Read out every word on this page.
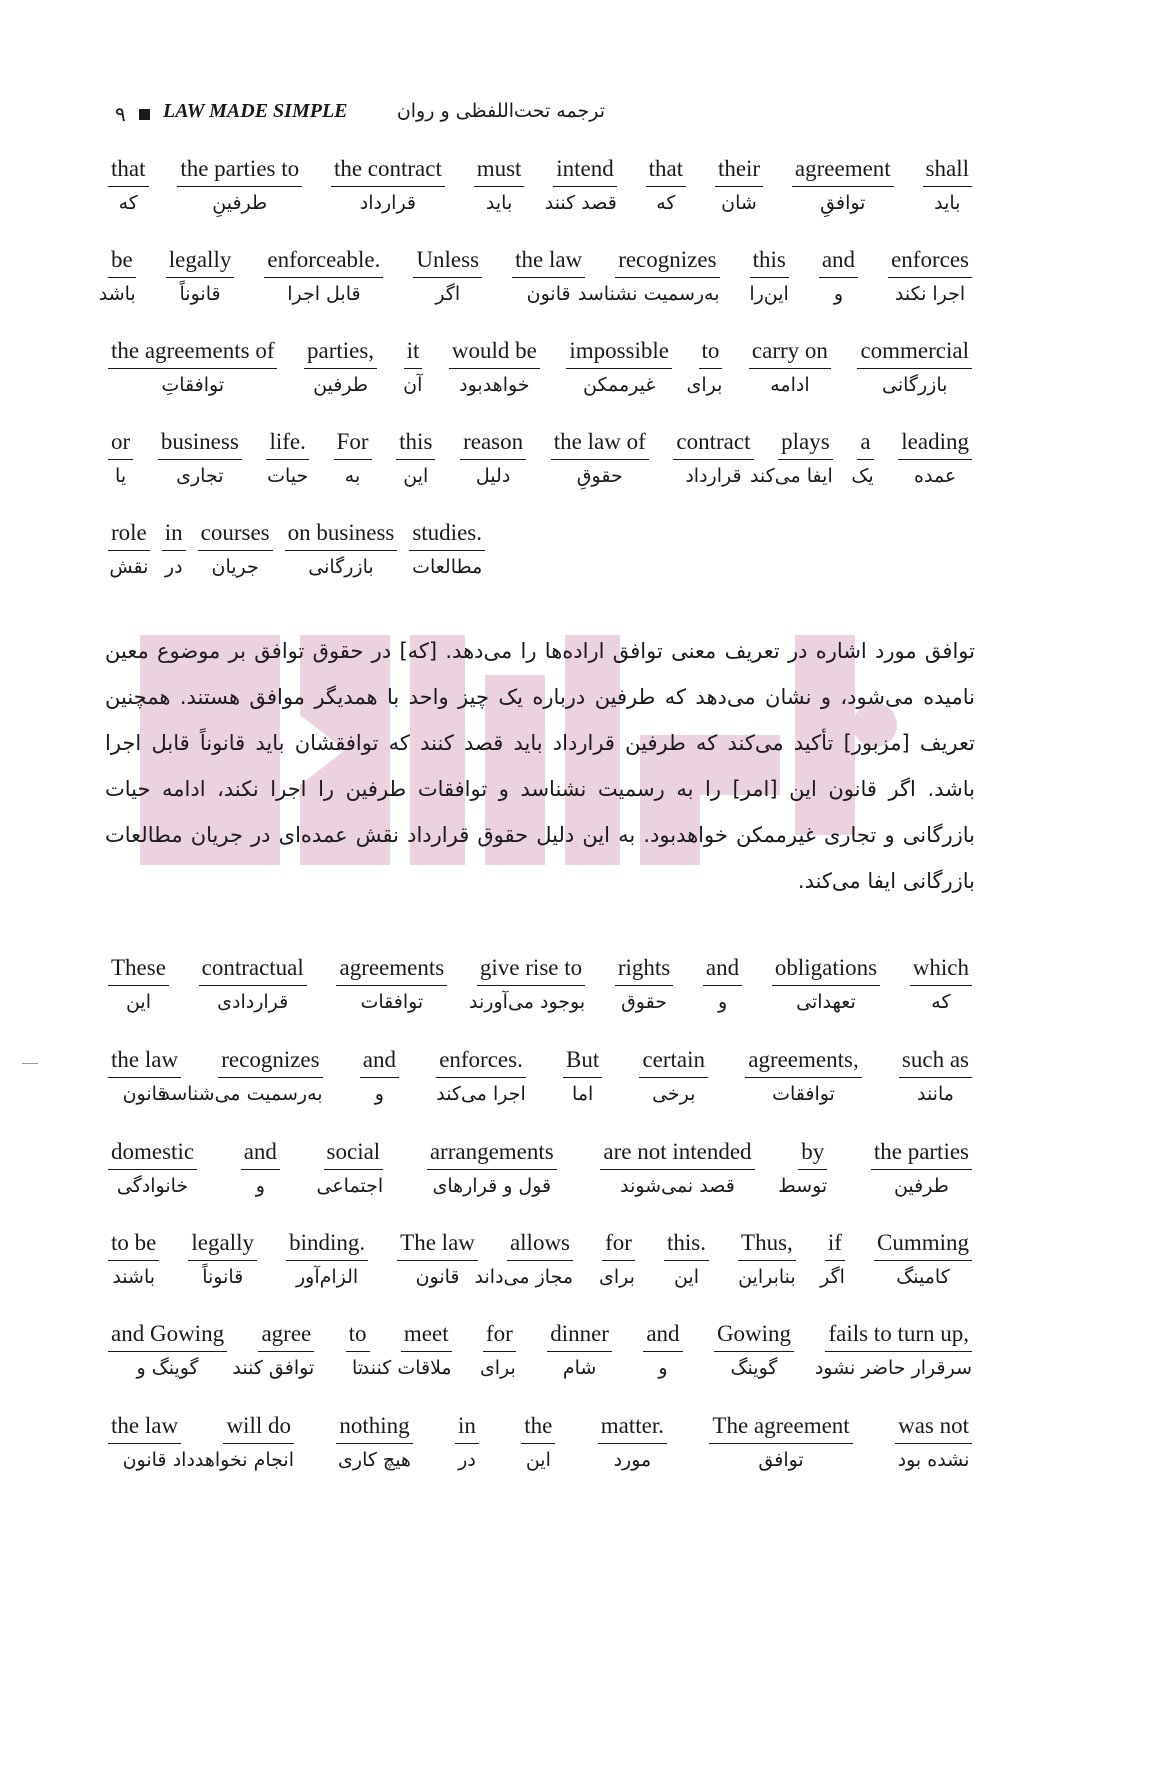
۹ LAW MADE SIMPLE	ترجمه تحت‌اللفظی و روان
that
که
the parties to
طرفینِ
the contract
قرارداد
must
باید
intend
قصد کنند
that
که
their
شان
agreement
توافقِ
shall
باید
be
باشد
legally
قانوناً
enforceable.
قابل اجرا
Unless
اگر
the law
قانون
recognizes
به‌رسمیت نشناسد
this
این‌را
and
و
enforces
اجرا نکند
the agreements of
توافقاتِ
parties,
طرفین
it
آن
would be
خواهدبود
impossible
غیرممکن
to
برای
carry on
ادامه
commercial
بازرگانی
or
یا
business
تجاری
life.
حیات
For
به
this
این
reason
دلیل
the law of
حقوقِ
contract
قرارداد
plays
ایفا می‌کند
a
یک
leading
عمده
role
نقش
in
در
courses
جریان
on business
بازرگانی
studies.
مطالعات
توافق مورد اشاره در تعریف معنی توافق اراده‌ها را می‌دهد. [که] در حقوق توافق بر موضوع معین نامیده می‌شود، و نشان می‌دهد که طرفین درباره یک چیز واحد با همدیگر موافق هستند. همچنین تعریف [مزبور] تأکید می‌کند که طرفین قرارداد باید قصد کنند که توافقشان باید قانوناً قابل اجرا باشد. اگر قانون این [امر] را به رسمیت نشناسد و توافقات طرفین را اجرا نکند، ادامه حیات بازرگانی و تجاری غیرممکن خواهدبود. به این دلیل حقوق قرارداد نقش عمده‌ای در جریان مطالعات بازرگانی ایفا می‌کند.
These
این
contractual
قراردادی
agreements
توافقات
give rise to
بوجود می‌آورند
rights
حقوق
and
و
obligations
تعهداتی
which
که
the law
قانون
recognizes
به‌رسمیت می‌شناسد
and
و
enforces.
اجرا می‌کند
But
اما
certain
برخی
agreements,
توافقات
such as
مانند
domestic
خانوادگی
and
و
social
اجتماعی
arrangements
قول و قرارهای
are not intended
قصد نمی‌شوند
by
توسط
the parties
طرفین
to be
باشند
legally
قانوناً
binding.
الزام‌آور
The law
قانون
allows
مجاز می‌داند
for
برای
this.
این
Thus,
بنابراین
if
اگر
Cumming
کامینگ
and Gowing
گوینگ و
agree
توافق کنند
to
تا
meet
ملاقات کنند
for
برای
dinner
شام
and
و
Gowing
گوینگ
fails to turn up,
سرقرار حاضر نشود
the law
قانون
will do
انجام نخواهدداد
nothing
هیچ کاری
in
در
the
این
matter.
مورد
The agreement
توافق
was not
نشده بود
